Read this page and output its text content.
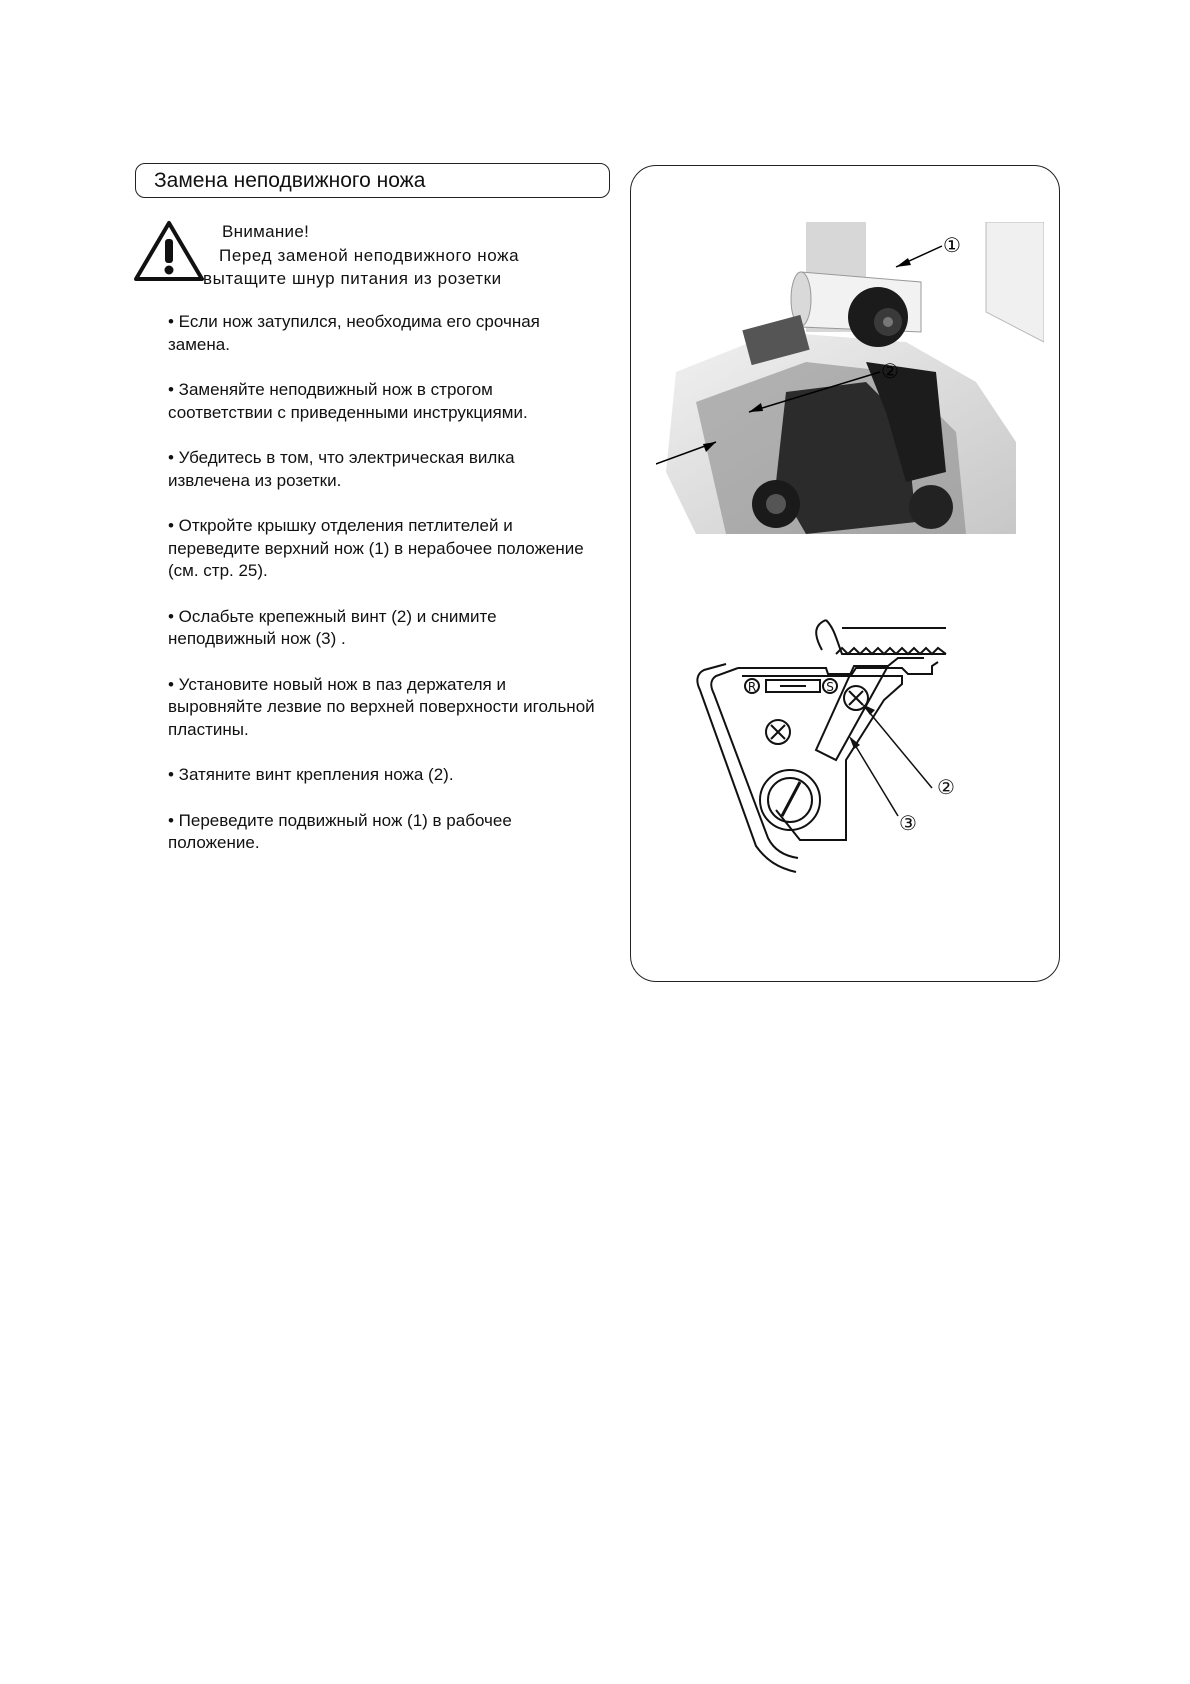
Замена неподвижного ножа
Внимание!
Перед заменой неподвижного ножа
вытащите шнур питания из розетки
• Если нож затупился, необходима его срочная замена.
• Заменяйте неподвижный нож в строгом соответствии с приведенными инструкциями.
• Убедитесь в том, что электрическая вилка извлечена из розетки.
• Откройте крышку отделения петлителей и переведите верхний нож (1) в нерабочее положение (см. стр. 25).
• Ослабьте крепежный винт (2) и снимите неподвижный нож (3) .
• Установите новый нож в паз держателя и выровняйте лезвие по верхней поверхности игольной пластины.
• Затяните винт крепления ножа (2).
• Переведите подвижный нож (1) в рабочее положение.
①
②
R	S
②
③
